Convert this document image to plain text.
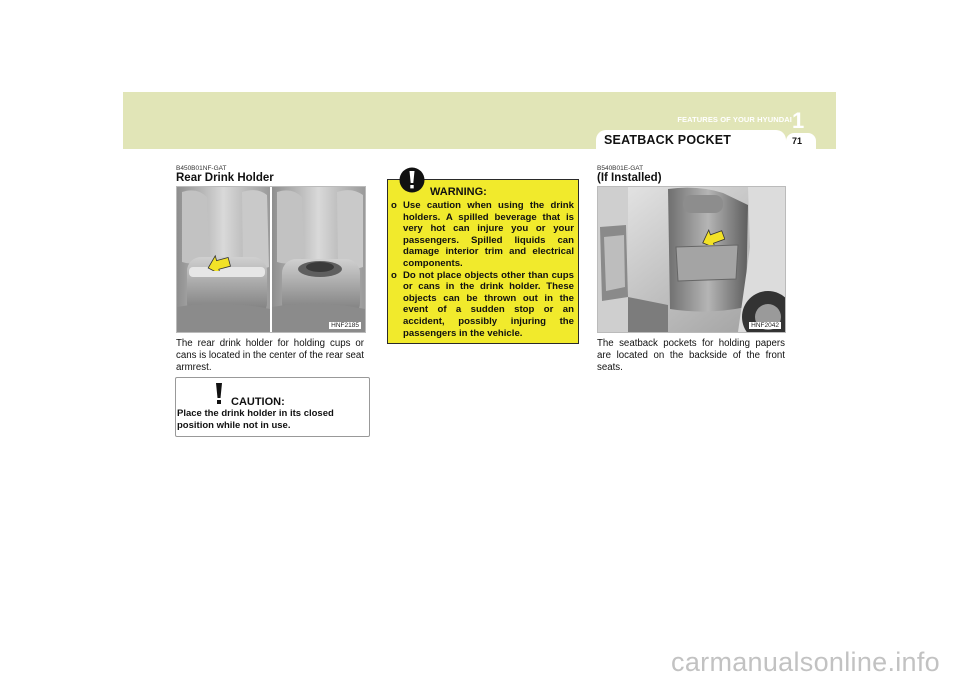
FEATURES OF YOUR HYUNDAI 1
SEATBACK POCKET	71
B450B01NF-GAT
Rear Drink Holder
HNF2185
The rear drink holder for holding cups or cans is located in the center of the rear seat armrest.
CAUTION:
Place the drink holder in its closed position while not in use.
WARNING:
o Use caution when using the drink holders. A spilled beverage that is very hot can injure you or your passengers. Spilled liquids can damage interior trim and electrical components.
o Do not place objects other than cups or cans in the drink holder. These objects can be thrown out in the event of a sudden stop or an accident, possibly injuring the passengers in the vehicle.
B540B01E-GAT
(If Installed)
HNF2042
The seatback pockets for holding papers are located on the backside of the front seats.
carmanualsonline.info
